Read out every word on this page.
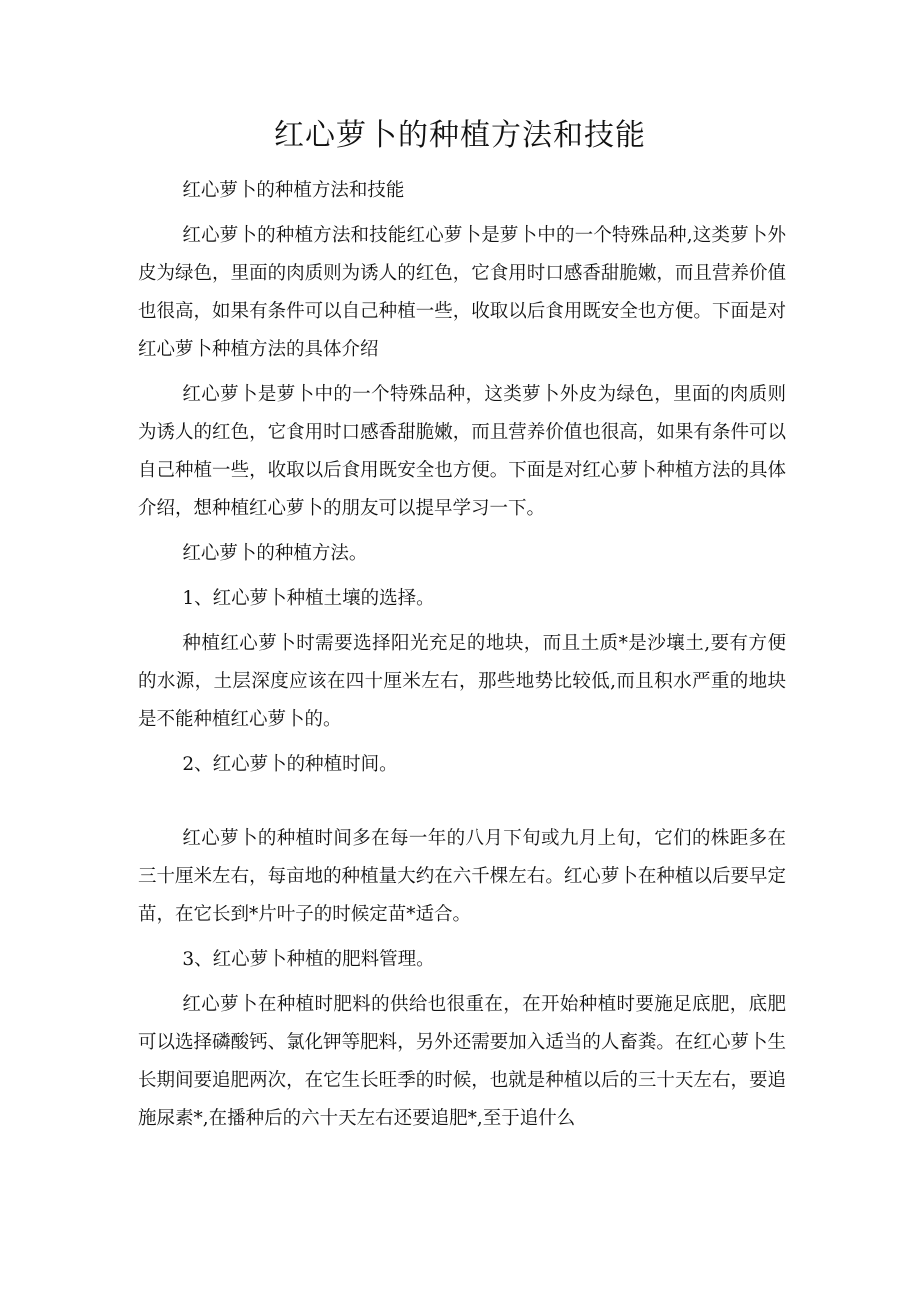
红心萝卜的种植方法和技能

红心萝卜的种植方法和技能

红心萝卜的种植方法和技能红心萝卜是萝卜中的一个特殊品种,这类萝卜外皮为绿色，里面的肉质则为诱人的红色，它食用时口感香甜脆嫩，而且营养价值也很高，如果有条件可以自己种植一些，收取以后食用既安全也方便。下面是对红心萝卜种植方法的具体介绍

红心萝卜是萝卜中的一个特殊品种，这类萝卜外皮为绿色，里面的肉质则为诱人的红色，它食用时口感香甜脆嫩，而且营养价值也很高，如果有条件可以自己种植一些，收取以后食用既安全也方便。下面是对红心萝卜种植方法的具体介绍，想种植红心萝卜的朋友可以提早学习一下。

红心萝卜的种植方法。

1、红心萝卜种植土壤的选择。

种植红心萝卜时需要选择阳光充足的地块，而且土质*是沙壤土,要有方便的水源，土层深度应该在四十厘米左右，那些地势比较低,而且积水严重的地块是不能种植红心萝卜的。

2、红心萝卜的种植时间。

红心萝卜的种植时间多在每一年的八月下旬或九月上旬，它们的株距多在三十厘米左右，每亩地的种植量大约在六千棵左右。红心萝卜在种植以后要早定苗，在它长到*片叶子的时候定苗*适合。

3、红心萝卜种植的肥料管理。

红心萝卜在种植时肥料的供给也很重在，在开始种植时要施足底肥，底肥可以选择磷酸钙、氯化钾等肥料，另外还需要加入适当的人畜粪。在红心萝卜生长期间要追肥两次，在它生长旺季的时候，也就是种植以后的三十天左右，要追施尿素*,在播种后的六十天左右还要追肥*,至于追什么
